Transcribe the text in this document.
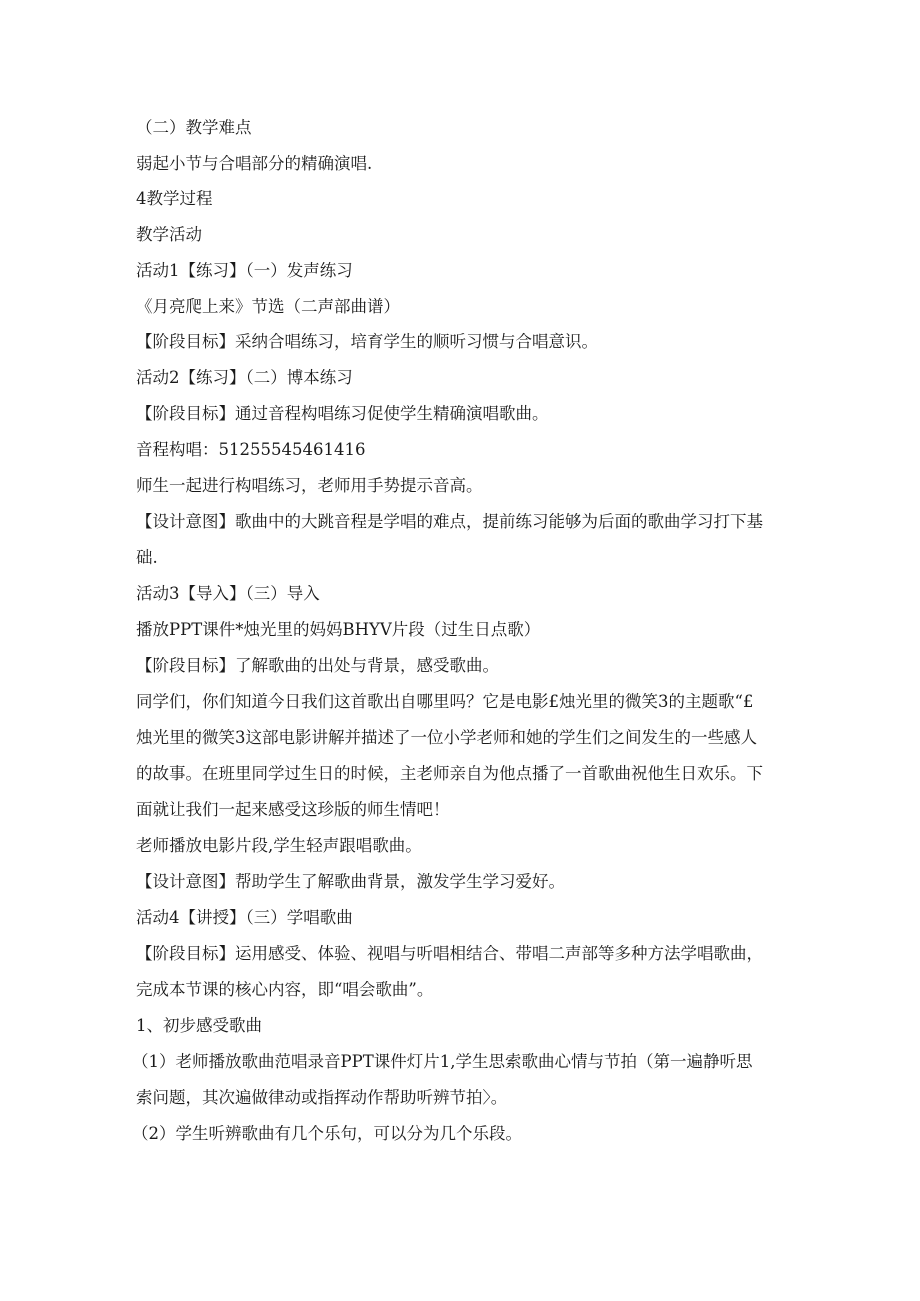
（二）教学难点
弱起小节与合唱部分的精确演唱.
4教学过程
教学活动
活动1【练习】（一）发声练习
《月亮爬上来》节选（二声部曲谱）
【阶段目标】采纳合唱练习，培育学生的顺听习惯与合唱意识。
活动2【练习】（二）博本练习
【阶段目标】通过音程构唱练习促使学生精确演唱歌曲。
音程构唱：51255545461416
师生一起进行构唱练习，老师用手势提示音高。
【设计意图】歌曲中的大跳音程是学唱的难点，提前练习能够为后面的歌曲学习打下基
础.
活动3【导入】（三）导入
播放PPT课件*烛光里的妈妈BHYV片段（过生日点歌）
【阶段目标】了解歌曲的出处与背景，感受歌曲。
同学们，你们知道今日我们这首歌出自哪里吗？它是电影£烛光里的微笑3的主题歌“£
烛光里的微笑3这部电影讲解并描述了一位小学老师和她的学生们之间发生的一些感人
的故事。在班里同学过生日的时候，主老师亲自为他点播了一首歌曲祝他生日欢乐。下
面就让我们一起来感受这珍版的师生情吧！
老师播放电影片段,学生轻声跟唱歌曲。
【设计意图】帮助学生了解歌曲背景，激发学生学习爱好。
活动4【讲授】（三）学唱歌曲
【阶段目标】运用感受、体验、视唱与听唱相结合、带唱二声部等多种方法学唱歌曲，
完成本节课的核心内容，即“唱会歌曲”。
1、初步感受歌曲
（1）老师播放歌曲范唱录音PPT课件灯片1,学生思索歌曲心情与节拍（第一遍静听思
索问题，其次遍做律动或指挥动作帮助听辨节拍〉。
（2）学生听辨歌曲有几个乐句，可以分为几个乐段。
